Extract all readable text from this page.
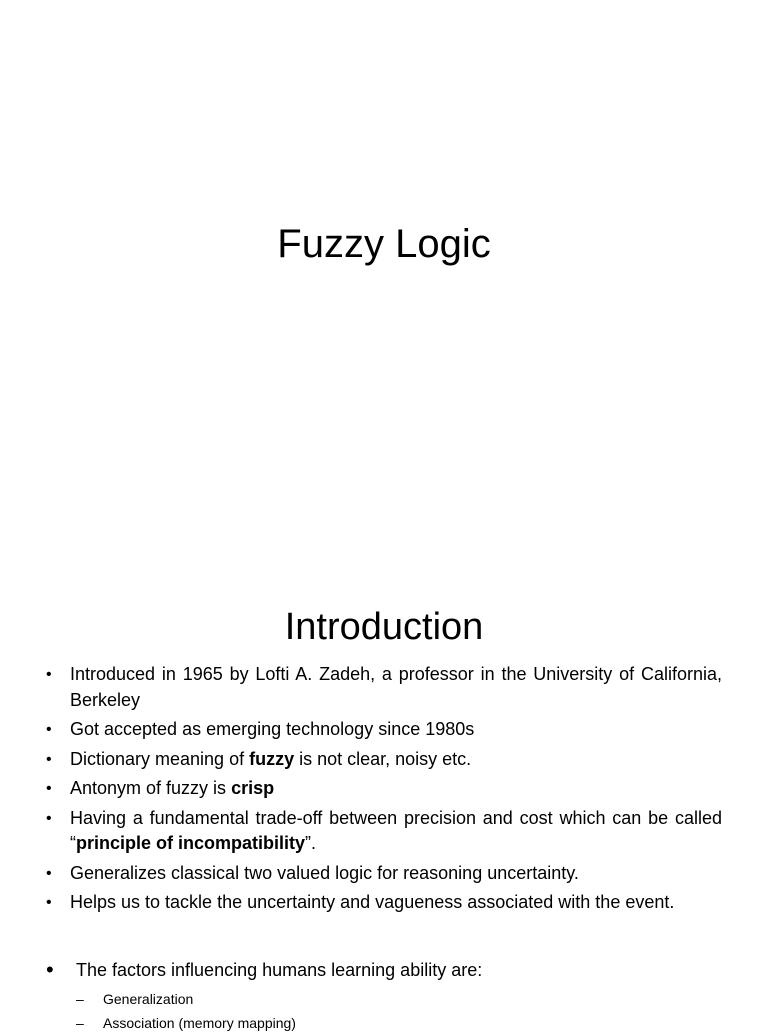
Fuzzy Logic
Introduction
• Introduced in 1965 by Lofti A. Zadeh, a professor in the University of California, Berkeley
• Got accepted as emerging technology since 1980s
• Dictionary meaning of fuzzy is not clear, noisy etc.
• Antonym of fuzzy is crisp
• Having a fundamental trade-off between precision and cost which can be called “principle of incompatibility”.
• Generalizes classical two valued logic for reasoning uncertainty.
• Helps us to tackle the uncertainty and vagueness associated with the event.
• The factors influencing humans learning ability are:
– Generalization
– Association (memory mapping)
